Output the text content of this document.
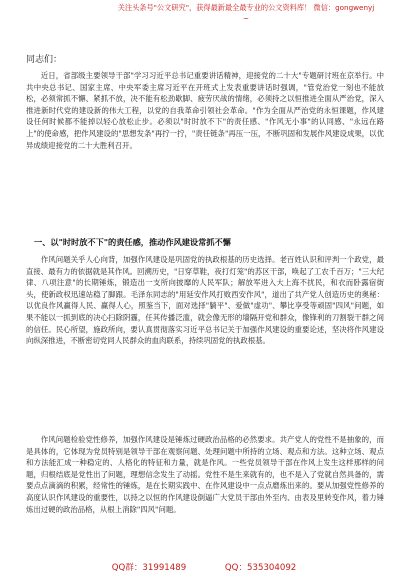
关注头条号"公文研究"，获得最新最全最专业的公文资料库！ 微信：gongwenyj
~
同志们：

近日，省部级主要领导干部"学习习近平总书记重要讲话精神，迎接党的二十大"专题研讨班在京举行。中共中央总书记、国家主席、中央军委主席习近平在开班式上发表重要讲话时强调，"管党治党一刻也不能放松，必须常抓不懈、紧抓不放，决不能有松劲歇脚、疲劳厌战的情绪，必须持之以恒推进全面从严治党，深入推进新时代党的建设新的伟大工程，以党的自我革命引领社会革命。"作为全面从严治党的永恒课题，作风建设任何时候都不能掉以轻心放松止步。必须以"时时放不下"的责任感、"作风无小事"的认同感、"永远在路上"的使命感，把作风建设的"思想发条"再拧一拧，"责任链条"再压一压，不断巩固和发展作风建设成果，以优异成绩迎接党的二十大胜利召开。

一、以"时时放不下"的责任感，推动作风建设常抓不懈

作风问题关乎人心向背，加强作风建设是巩固党的执政根基的历史选择。老百姓认识和评判一个政党，最直接、最有力的依据就是其作风。回溯历史，"日穿草鞋，夜打灯笼"的苏区干部，唤起了工农千百万；"三大纪律、八项注意"的长期锤炼，锻造出一支所向披靡的人民军队；解放军进入大上海不扰民，和衣而卧露宿街头，使新政权迅速站稳了脚跟。毛泽东同志的"用延安作风打败西安作风"，道出了共产党人创造历史的奥秘：以优良作风赢得人民、赢得人心，照鉴当下，面对选择"躺平"、爱做"虚功"、攀比享受等顽固"四风"问题，如果不能以一抓到底的决心扫除阴霾，任其传播泛滥，就会像无形的墙隔开党和群众，像锋利的刀割裂干群之间的信任。民心所望，施政所向，要认真贯彻落实习近平总书记关于加强作风建设的重要论述，坚决将作风建设向纵深推进，不断密切党同人民群众的血肉联系，持续巩固党的执政根基。

作风问题检验党性修养，加强作风建设是锤炼过硬政治品格的必然要求。共产党人的党性不是抽象的，而是具体的，它体现为党员特别是领导干部在观察问题、处理问题中所持的立场、观点和方法。这种立场、观点和方法能汇成一种稳定的、人格化的特征和力量，就是作风。一些党员领导干部在作风上发生这样那样的问题，归根结底是党性出了问题，理想信念发生了动摇。党性不是生来就有的，也不是入了党就自然具备的，需要点点滴滴的积累，经常性的锤炼，是在长期实践中、在作风建设中一点点磨炼出来的。要从加强党性修养的高度认识作风建设的重要性，以持之以恒的作风建设倒逼广大党员干部由外至内、由表及里转变作风，着力锤炼出过硬的政治品格，从根上消除"四风"问题。

QQ群：31991489	QQ：535304092
